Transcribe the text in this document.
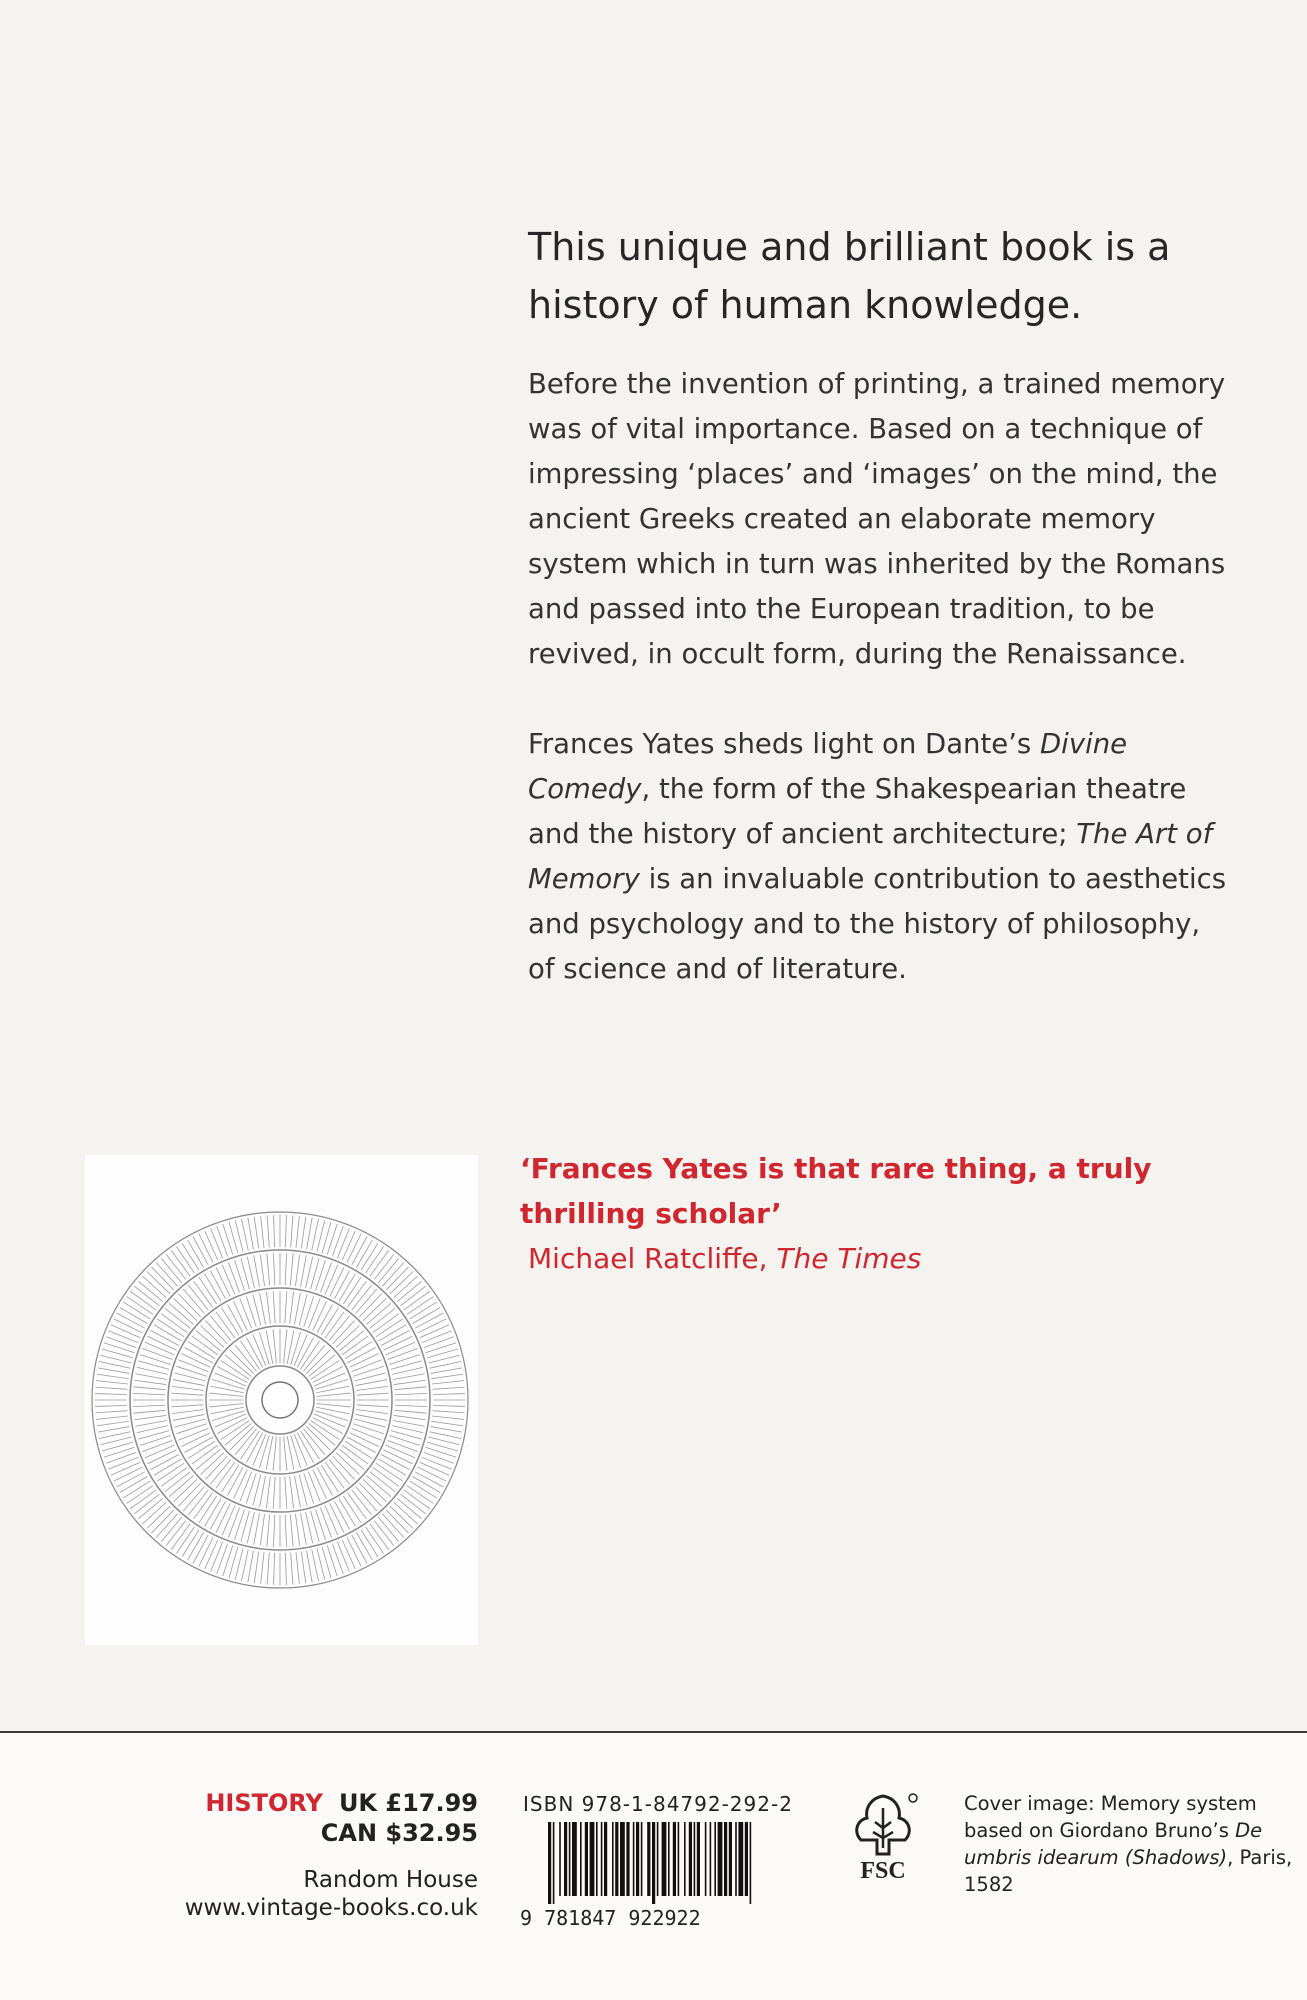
This unique and brilliant book is a history of human knowledge.
Before the invention of printing, a trained memory was of vital importance. Based on a technique of impressing ‘places’ and ‘images’ on the mind, the ancient Greeks created an elaborate memory system which in turn was inherited by the Romans and passed into the European tradition, to be revived, in occult form, during the Renaissance.
Frances Yates sheds light on Dante’s Divine Comedy, the form of the Shakespearian theatre and the history of ancient architecture; The Art of Memory is an invaluable contribution to aesthetics and psychology and to the history of philosophy, of science and of literature.
‘Frances Yates is that rare thing, a truly thrilling scholar’
Michael Ratcliffe, The Times
HISTORY UK £17.99
CAN $32.95
Random House
www.vintage-books.co.uk
ISBN 978-1-84792-292-2
9 781847 922922
FSC
Cover image: Memory system based on Giordano Bruno’s De umbris idearum (Shadows), Paris, 1582
